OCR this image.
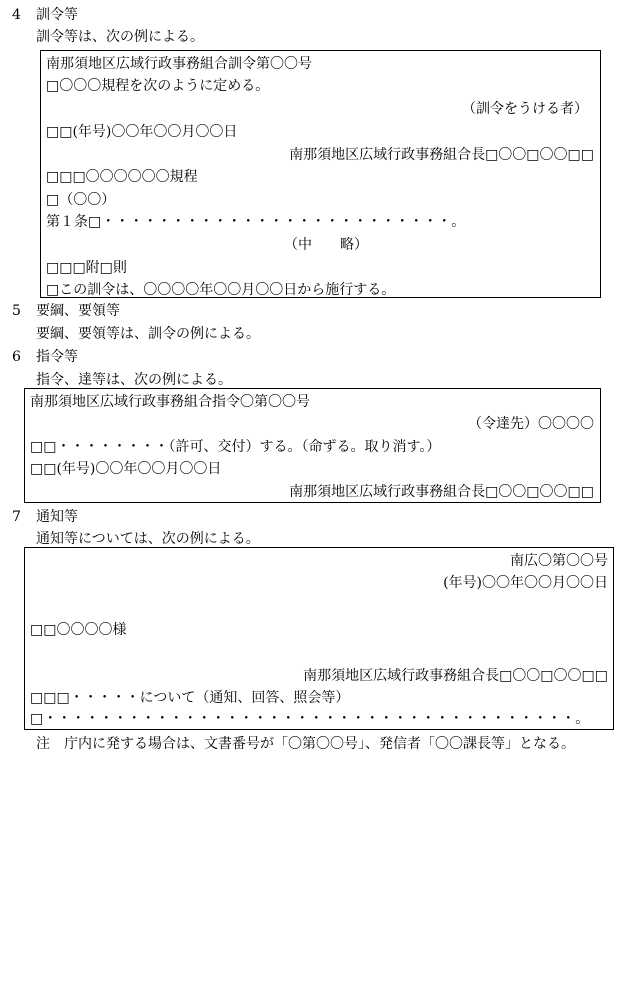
4 訓令等
訓令等は、次の例による。
南那須地区広域行政事務組合訓令第〇〇号
□〇〇〇規程を次のように定める。
（訓令をうける者）
□□(年号)〇〇年〇〇月〇〇日
南那須地区広域行政事務組合長□〇〇□〇〇□□
□□□〇〇〇〇〇〇規程
□（〇〇）
第１条□・・・・・・・・・・・・・・・・・・・・・・・・・。
（中　　略）
□□□附□則
□この訓令は、〇〇〇〇年〇〇月〇〇日から施行する。
5 要綱、要領等
要綱、要領等は、訓令の例による。
6 指令等
指令、達等は、次の例による。
南那須地区広域行政事務組合指令〇第〇〇号
（令達先）〇〇〇〇
□□・・・・・・・・（許可、交付）する。（命ずる。取り消す。）
□□(年号)〇〇年〇〇月〇〇日
南那須地区広域行政事務組合長□〇〇□〇〇□□
7 通知等
通知等については、次の例による。
南広〇第〇〇号
(年号)〇〇年〇〇月〇〇日
□□〇〇〇〇様
南那須地区広域行政事務組合長□〇〇□〇〇□□
□□□・・・・・について（通知、回答、照会等）
□・・・・・・・・・・・・・・・・・・・・・・・・・・・・・・・・・・・・・・。
注　庁内に発する場合は、文書番号が「〇第〇〇号」、発信者「〇〇課長等」となる。
